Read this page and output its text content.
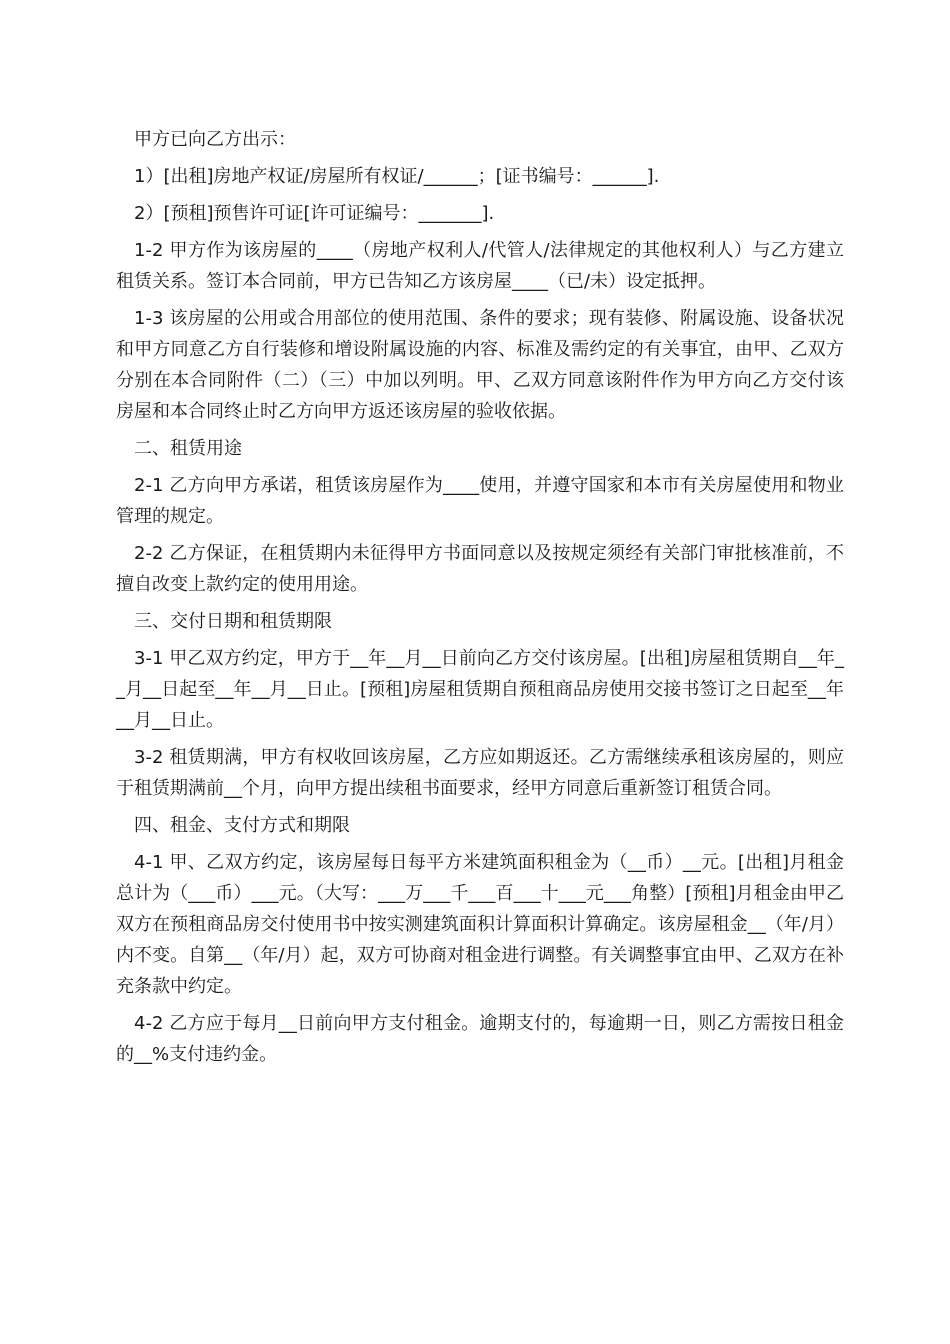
甲方已向乙方出示：

1）[出租]房地产权证/房屋所有权证/______；[证书编号：______].

2）[预租]预售许可证[许可证编号：_______].

1-2 甲方作为该房屋的____（房地产权利人/代管人/法律规定的其他权利人）与乙方建立租赁关系。签订本合同前，甲方已告知乙方该房屋____（已/未）设定抵押。

1-3 该房屋的公用或合用部位的使用范围、条件的要求；现有装修、附属设施、设备状况和甲方同意乙方自行装修和增设附属设施的内容、标准及需约定的有关事宜，由甲、乙双方分别在本合同附件（二）（三）中加以列明。甲、乙双方同意该附件作为甲方向乙方交付该房屋和本合同终止时乙方向甲方返还该房屋的验收依据。

二、租赁用途

2-1 乙方向甲方承诺，租赁该房屋作为____使用，并遵守国家和本市有关房屋使用和物业管理的规定。

2-2 乙方保证，在租赁期内未征得甲方书面同意以及按规定须经有关部门审批核准前，不擅自改变上款约定的使用用途。

三、交付日期和租赁期限

3-1 甲乙双方约定，甲方于__年__月__日前向乙方交付该房屋。[出租]房屋租赁期自__年__月__日起至__年__月__日止。[预租]房屋租赁期自预租商品房使用交接书签订之日起至__年__月__日止。

3-2 租赁期满，甲方有权收回该房屋，乙方应如期返还。乙方需继续承租该房屋的，则应于租赁期满前__个月，向甲方提出续租书面要求，经甲方同意后重新签订租赁合同。

四、租金、支付方式和期限

4-1 甲、乙双方约定，该房屋每日每平方米建筑面积租金为（__币）__元。[出租]月租金总计为（___币）___元。（大写：___万___千___百___十___元___角整）[预租]月租金由甲乙双方在预租商品房交付使用书中按实测建筑面积计算面积计算确定。该房屋租金__（年/月）内不变。自第__（年/月）起，双方可协商对租金进行调整。有关调整事宜由甲、乙双方在补充条款中约定。

4-2 乙方应于每月__日前向甲方支付租金。逾期支付的，每逾期一日，则乙方需按日租金的__%支付违约金。
